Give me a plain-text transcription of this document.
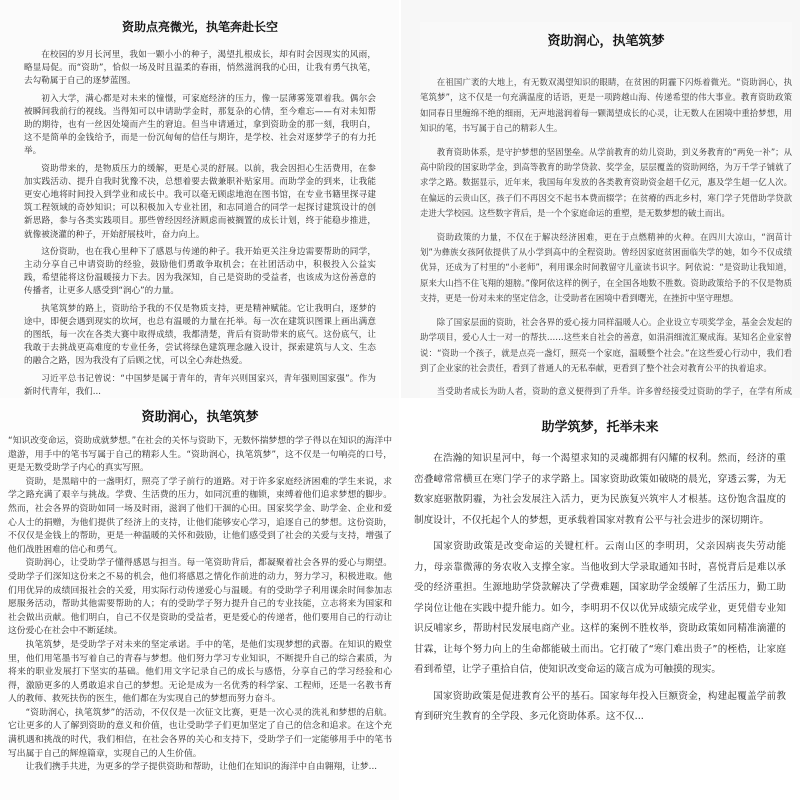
资助点亮微光，执笔奔赴长空

在校园的岁月长河里，我如一颗小小的种子，渴望扎根成长，却有时会因现实的风雨，略显局促。而“资助”，恰似一场及时且温柔的春雨，悄然滋润我的心田，让我有勇气执笔，去勾勒属于自己的逐梦蓝图。

初入大学，满心都是对未来的憧憬，可家庭经济的压力，像一层薄雾笼罩着我。偶尔会被瞬间我前行的视线。当得知可以申请助学金时，那复杂的心情，至今难忘——有对未知帮助的期待，也有一丝因处境而产生的窘迫。但当申请通过，拿到资助金的那一刻，我明白，这不是简单的金钱给予，而是一份沉甸甸的信任与期许，是学校、社会对逐梦学子的有力托举。

资助带来的，是物质压力的缓解，更是心灵的舒展。以前，我会因担心生活费用，在参加实践活动、提升自我时犹豫不决，总想着要去做兼职补贴家用。而助学金的到来，让我能更安心地将时间投入到学业和成长中。我可以毫无顾虑地泡在图书馆，在专业书籍里探寻建筑工程领域的奇妙知识；可以积极加入专业社团，和志同道合的同学一起探讨建筑设计的创新思路，参与各类实践项目。那些曾经因经济顾虑而被搁置的成长计划，终于能稳步推进，就像被浇灌的种子，开始舒展枝叶，奋力向上。

这份资助，也在我心里种下了感恩与传递的种子。我开始更关注身边需要帮助的同学，主动分享自己申请资助的经验，鼓励他们勇敢争取机会；在社团活动中，积极投入公益实践，希望能将这份温暖接力下去。因为我深知，自己是资助的受益者，也该成为这份善意的传播者，让更多人感受到“润心”的力量。

执笔筑梦的路上，资助给予我的不仅是物质支持，更是精神赋能。它让我明白，逐梦的途中，即便会遇到现实的坎坷，也总有温暖的力量在托举。每一次在建筑识图课上画出满意的图纸，每一次在各类大赛中取得成绩，我都清楚，背后有资助带来的底气。这份底气，让我敢于去挑战更高难度的专业任务，尝试将绿色建筑理念融入设计，探索建筑与人文、生态的融合之路，因为我没有了后顾之忧，可以全心奔赴热爱。

习近平总书记曾说：“中国梦是属于青年的，青年兴则国家兴，青年强则国家强”。作为新时代青年，我们...

资助润心，执笔筑梦

在祖国广袤的大地上，有无数双渴望知识的眼睛，在贫困的阴霾下闪烁着微光。“资助润心，执笔筑梦”，这不仅是一句充满温度的话语，更是一项跨越山海、传递希望的伟大事业。教育资助政策如同春日里缠绵不绝的细雨，无声地滋润着每一颗渴望成长的心灵，让无数人在困境中重拾梦想，用知识的笔，书写属于自己的精彩人生。

教育资助体系，是守护梦想的坚固堡垒。从学前教育的幼儿资助，到义务教育的“两免一补”；从高中阶段的国家助学金，到高等教育的助学贷款、奖学金，层层覆盖的资助网络，为万千学子铺就了求学之路。数据显示，近年来，我国每年发放的各类教育资助资金超千亿元，惠及学生超一亿人次。在偏远的云贵山区，孩子们不再因交不起书本费而辍学；在贫瘠的西北乡村，寒门学子凭借助学贷款走进大学校园。这些数字背后，是一个个家庭命运的重塑，是无数梦想的破土而出。

资助政策的力量，不仅在于解决经济困难，更在于点燃精神的火种。在四川大凉山，“润苗计划”为彝族女孩阿依提供了从小学到高中的全程资助。曾经因家庭贫困面临失学的她，如今不仅成绩优异，还成为了村里的“小老师”，利用课余时间教留守儿童读书识字。阿依说：“是资助让我知道，原来大山挡不住飞翔的翅膀。”像阿依这样的例子，在全国各地数不胜数。资助政策给予的不仅是物质支持，更是一份对未来的坚定信念，让受助者在困境中看到曙光，在挫折中坚守理想。

除了国家层面的资助，社会各界的爱心接力同样温暖人心。企业设立专项奖学金，基金会发起的助学项目，爱心人士一对一的帮扶……这些来自社会的善意，如涓涓细流汇聚成海。某知名企业家曾说：“资助一个孩子，就是点亮一盏灯，照亮一个家庭，温暖整个社会。”在这些爱心行动中，我们看到了企业家的社会责任，看到了普通人的无私奉献，更看到了整个社会对教育公平的执着追求。

当受助者成长为助人者，资助的意义便得到了升华。许多曾经接受过资助的学子，在学有所成

资助润心，执笔筑梦

“知识改变命运，资助成就梦想。”在社会的关怀与资助下，无数怀揣梦想的学子得以在知识的海洋中遨游，用手中的笔书写属于自己的精彩人生。“资助润心，执笔筑梦”，这不仅是一句响亮的口号，更是无数受助学子内心的真实写照。

资助，是黑暗中的一盏明灯，照亮了学子前行的道路。对于许多家庭经济困难的学生来说，求学之路充满了艰辛与挑战。学费、生活费的压力，如同沉重的枷锁，束缚着他们追求梦想的脚步。然而，社会各界的资助如同一场及时雨，滋润了他们干涸的心田。国家奖学金、助学金、企业和爱心人士的捐赠，为他们提供了经济上的支持，让他们能够安心学习，追逐自己的梦想。这份资助，不仅仅是金钱上的帮助，更是一种温暖的关怀和鼓励，让他们感受到了社会的关爱与支持，增强了他们战胜困难的信心和勇气。

资助润心，让受助学子懂得感恩与担当。每一笔资助背后，都凝聚着社会各界的爱心与期望。受助学子们深知这份来之不易的机会，他们将感恩之情化作前进的动力，努力学习，积极进取。他们用优异的成绩回报社会的关爱，用实际行动传递爱心与温暖。有的受助学子利用课余时间参加志愿服务活动，帮助其他需要帮助的人；有的受助学子努力提升自己的专业技能，立志将来为国家和社会做出贡献。他们明白，自己不仅是资助的受益者，更是爱心的传递者，他们要用自己的行动让这份爱心在社会中不断延续。

执笔筑梦，是受助学子对未来的坚定承诺。手中的笔，是他们实现梦想的武器。在知识的殿堂里，他们用笔墨书写着自己的青春与梦想。他们努力学习专业知识，不断提升自己的综合素质，为将来的职业发展打下坚实的基础。他们用文字记录自己的成长与感悟，分享自己的学习经验和心得，激励更多的人勇敢追求自己的梦想。无论是成为一名优秀的科学家、工程师，还是一名教书育人的教师、救死扶伤的医生，他们都在为实现自己的梦想而努力奋斗。

“资助润心，执笔筑梦”的活动，不仅仅是一次征文比赛，更是一次心灵的洗礼和梦想的启航。它让更多的人了解到资助的意义和价值，也让受助学子们更加坚定了自己的信念和追求。在这个充满机遇和挑战的时代，我们相信，在社会各界的关心和支持下，受助学子们一定能够用手中的笔书写出属于自己的辉煌篇章，实现自己的人生价值。

让我们携手共进，为更多的学子提供资助和帮助，让他们在知识的海洋中自由翱翔，让梦...

助学筑梦，托举未来

在浩瀚的知识星河中，每一个渴望求知的灵魂都拥有闪耀的权利。然而，经济的重峦叠嶂常常横亘在寒门学子的求学路上。国家资助政策如破晓的晨光，穿透云雾，为无数家庭驱散阴霾，为社会发展注入活力，更为民族复兴筑牢人才根基。这份饱含温度的制度设计，不仅托起个人的梦想，更承载着国家对教育公平与社会进步的深切期许。

国家资助政策是改变命运的关键杠杆。云南山区的李明玥，父亲因病丧失劳动能力，母亲靠微薄的务农收入支撑全家。当他收到大学录取通知书时，喜悦背后是难以承受的经济重担。生源地助学贷款解决了学费难题，国家助学金缓解了生活压力，勤工助学岗位让他在实践中提升能力。如今，李明玥不仅以优异成绩完成学业，更凭借专业知识反哺家乡，帮助村民发展电商产业。这样的案例不胜枚举，资助政策如同精准滴灌的甘霖，让每个努力向上的生命都能破土而出。它打破了“寒门难出贵子”的桎梏，让家庭看到希望，让学子重拾自信，使知识改变命运的箴言成为可触摸的现实。

国家资助政策是促进教育公平的基石。国家每年投入巨额资金，构建起覆盖学前教育到研究生教育的全学段、多元化资助体系。这不仅...
